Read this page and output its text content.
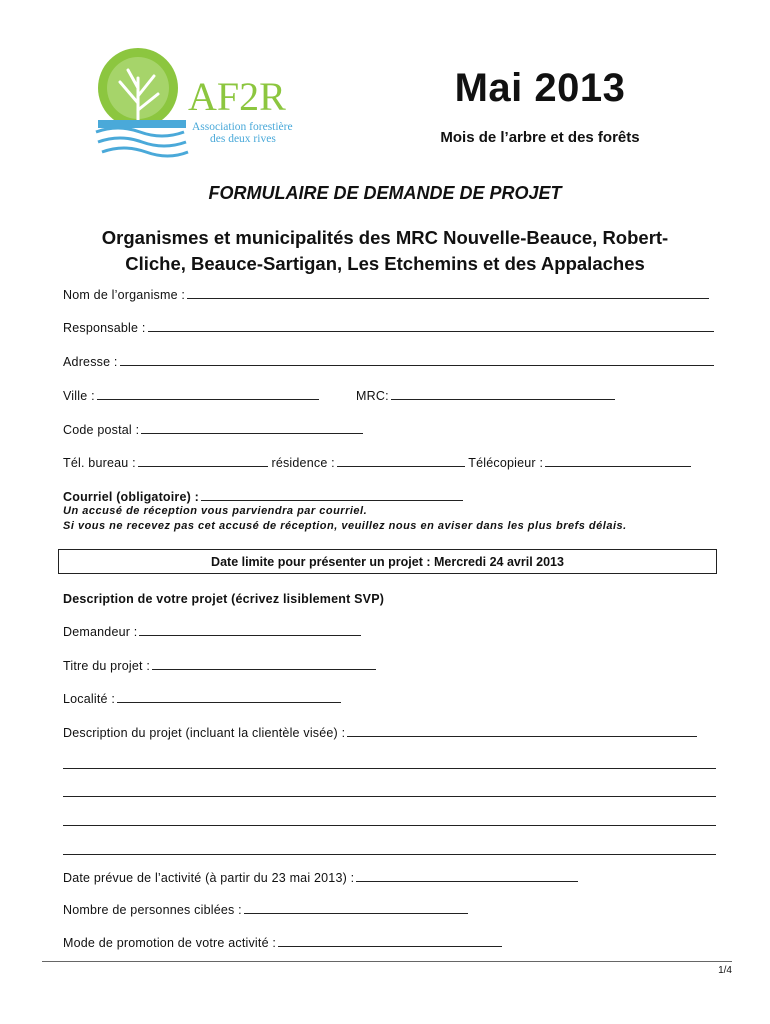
AF2R
Association forestière
des deux rives
Mai 2013
Mois de l’arbre et des forêts
FORMULAIRE DE DEMANDE DE PROJET
Organismes et municipalités des MRC Nouvelle-Beauce, Robert-
Cliche, Beauce-Sartigan, Les Etchemins et des Appalaches
Nom de l’organisme :
Responsable :
Adresse :
Ville :	MRC:
Code postal :
Tél. bureau :	résidence :	Télécopieur :
Courriel (obligatoire) :
Un accusé de réception vous parviendra par courriel.
Si vous ne recevez pas cet accusé de réception, veuillez nous en aviser dans les plus brefs délais.
Date limite pour présenter un projet : Mercredi 24 avril 2013
Description de votre projet (écrivez lisiblement SVP)
Demandeur :
Titre du projet :
Localité :
Description du projet (incluant la clientèle visée) :
Date prévue de l’activité (à partir du 23 mai 2013) :
Nombre de personnes ciblées :
Mode de promotion de votre activité :
1/4
